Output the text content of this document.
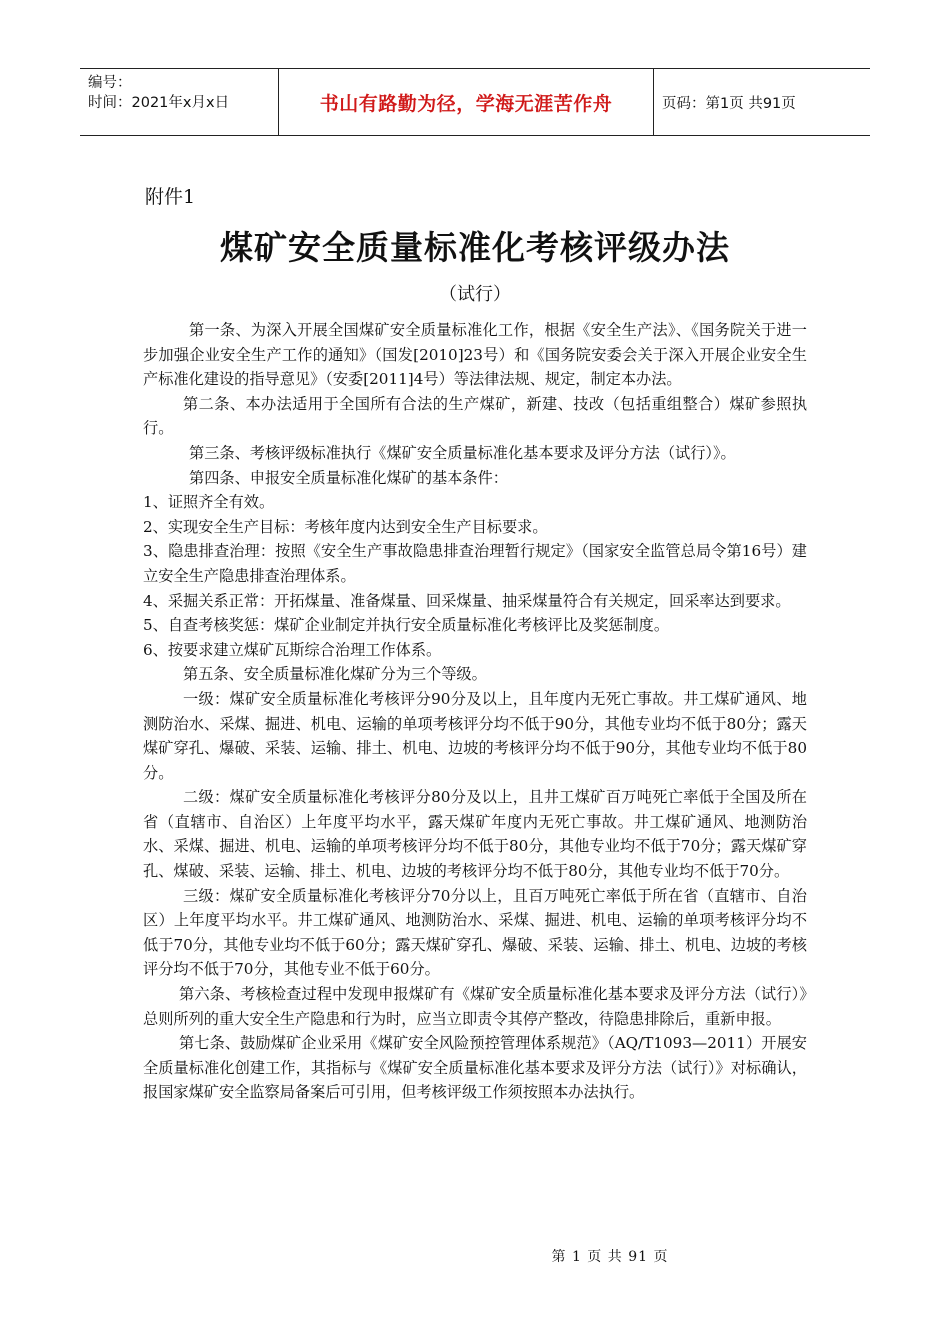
编号：
时间：2021年x月x日	书山有路勤为径，学海无涯苦作舟	页码：第1页 共91页
附件1
煤矿安全质量标准化考核评级办法
（试行）

第一条、为深入开展全国煤矿安全质量标准化工作，根据《安全生产法》、《国务院关于进一步加强企业安全生产工作的通知》（国发[2010]23号）和《国务院安委会关于深入开展企业安全生产标准化建设的指导意见》（安委[2011]4号）等法律法规、规定，制定本办法。

第二条、本办法适用于全国所有合法的生产煤矿，新建、技改（包括重组整合）煤矿参照执行。

第三条、考核评级标准执行《煤矿安全质量标准化基本要求及评分方法（试行）》。

第四条、申报安全质量标准化煤矿的基本条件：

1、证照齐全有效。

2、实现安全生产目标：考核年度内达到安全生产目标要求。

3、隐患排查治理：按照《安全生产事故隐患排查治理暂行规定》（国家安全监管总局令第16号）建立安全生产隐患排查治理体系。

4、采掘关系正常：开拓煤量、准备煤量、回采煤量、抽采煤量符合有关规定，回采率达到要求。

5、自查考核奖惩：煤矿企业制定并执行安全质量标准化考核评比及奖惩制度。

6、按要求建立煤矿瓦斯综合治理工作体系。

第五条、安全质量标准化煤矿分为三个等级。

一级：煤矿安全质量标准化考核评分90分及以上，且年度内无死亡事故。井工煤矿通风、地测防治水、采煤、掘进、机电、运输的单项考核评分均不低于90分，其他专业均不低于80分；露天煤矿穿孔、爆破、采装、运输、排土、机电、边坡的考核评分均不低于90分，其他专业均不低于80分。

二级：煤矿安全质量标准化考核评分80分及以上，且井工煤矿百万吨死亡率低于全国及所在省（直辖市、自治区）上年度平均水平，露天煤矿年度内无死亡事故。井工煤矿通风、地测防治水、采煤、掘进、机电、运输的单项考核评分均不低于80分，其他专业均不低于70分；露天煤矿穿孔、煤破、采装、运输、排土、机电、边坡的考核评分均不低于80分，其他专业均不低于70分。

三级：煤矿安全质量标准化考核评分70分以上，且百万吨死亡率低于所在省（直辖市、自治区）上年度平均水平。井工煤矿通风、地测防治水、采煤、掘进、机电、运输的单项考核评分均不低于70分，其他专业均不低于60分；露天煤矿穿孔、爆破、采装、运输、排土、机电、边坡的考核评分均不低于70分，其他专业不低于60分。

第六条、考核检查过程中发现申报煤矿有《煤矿安全质量标准化基本要求及评分方法（试行）》总则所列的重大安全生产隐患和行为时，应当立即责令其停产整改，待隐患排除后，重新申报。

第七条、鼓励煤矿企业采用《煤矿安全风险预控管理体系规范》（AQ/T1093—2011）开展安全质量标准化创建工作，其指标与《煤矿安全质量标准化基本要求及评分方法（试行）》对标确认，报国家煤矿安全监察局备案后可引用，但考核评级工作须按照本办法执行。

第 1 页 共 91 页
